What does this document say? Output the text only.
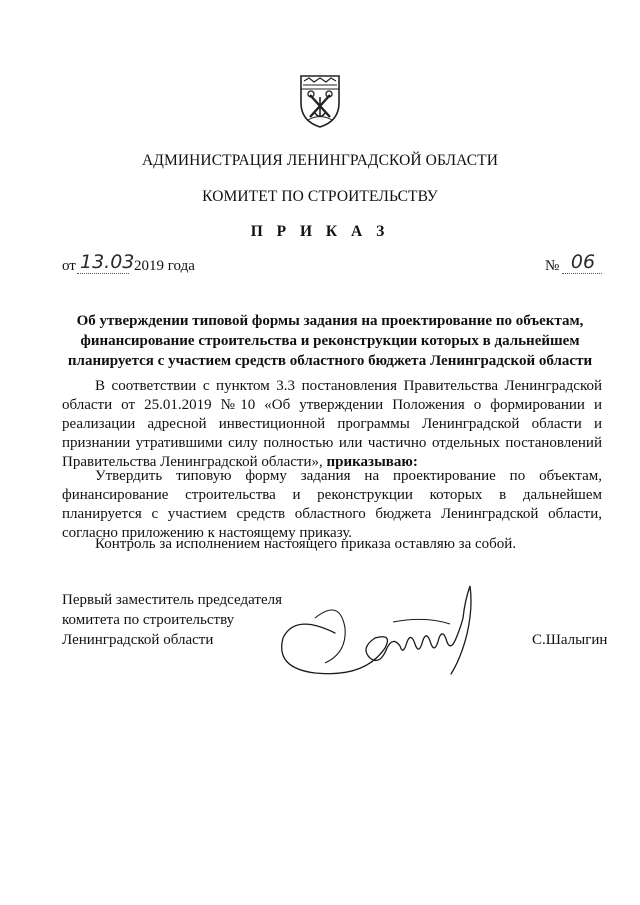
АДМИНИСТРАЦИЯ ЛЕНИНГРАДСКОЙ ОБЛАСТИ
КОМИТЕТ ПО СТРОИТЕЛЬСТВУ
П Р И К А З
от 13.03 2019 года	№ 06
Об утверждении типовой формы задания на проектирование по объектам, финансирование строительства и реконструкции которых в дальнейшем планируется с участием средств областного бюджета Ленинградской области
В соответствии с пунктом 3.3 постановления Правительства Ленинградской области от 25.01.2019 №10 «Об утверждении Положения о формировании и реализации адресной инвестиционной программы Ленинградской области и признании утратившими силу полностью или частично отдельных постановлений Правительства Ленинградской области», приказываю:
Утвердить типовую форму задания на проектирование по объектам, финансирование строительства и реконструкции которых в дальнейшем планируется с участием средств областного бюджета Ленинградской области, согласно приложению к настоящему приказу.
Контроль за исполнением настоящего приказа оставляю за собой.
Первый заместитель председателя
комитета по строительству
Ленинградской области	С.Шалыгин
